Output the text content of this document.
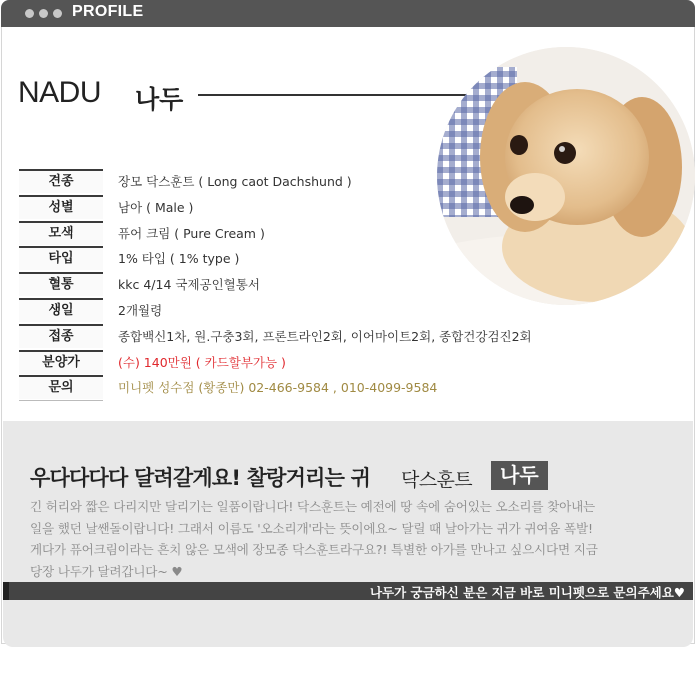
PROFILE
NADU 나두
견종	장모 닥스훈트 ( Long caot Dachshund )
성별	남아 ( Male )
모색	퓨어 크림 ( Pure Cream )
타입	1% 타입 ( 1% type )
혈통	kkc 4/14 국제공인혈통서
생일	2개월령
접종	종합백신1차, 원.구충3회, 프론트라인2회, 이어마이트2회, 종합건강검진2회
분양가	(수) 140만원 ( 카드할부가능 )
문의	미니펫 성수점 (황종만) 02-466-9584 , 010-4099-9584
우다다다다 달려갈게요! 찰랑거리는 귀 닥스훈트	나두
긴 허리와 짧은 다리지만 달리기는 일품이랍니다! 닥스훈트는 예전에 땅 속에 숨어있는 오소리를 찾아내는
일을 했던 날쌘돌이랍니다! 그래서 이름도 '오소리개'라는 뜻이에요~ 달릴 때 날아가는 귀가 귀여움 폭발!
게다가 퓨어크림이라는 흔치 않은 모색에 장모종 닥스훈트라구요?! 특별한 아가를 만나고 싶으시다면 지금
당장 나두가 달려갑니다~ ♥
나두가 궁금하신 분은 지금 바로 미니펫으로 문의주세요♥
